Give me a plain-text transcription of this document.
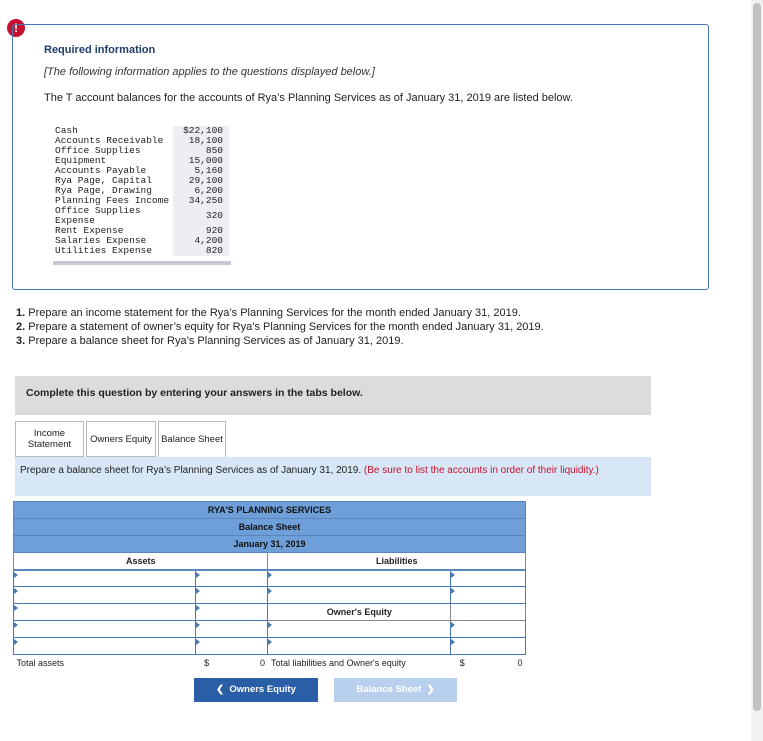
!
Required information
[The following information applies to the questions displayed below.]
The T account balances for the accounts of Rya’s Planning Services as of January 31, 2019 are listed below.
Cash	$22,100
Accounts Receivable	18,100
Office Supplies	850
Equipment	15,000
Accounts Payable	5,160
Rya Page, Capital	29,100
Rya Page, Drawing	6,200
Planning Fees Income	34,250
Office Supplies Expense	320
Rent Expense	920
Salaries Expense	4,200
Utilities Expense	820
1. Prepare an income statement for the Rya’s Planning Services for the month ended January 31, 2019.
2. Prepare a statement of owner’s equity for Rya’s Planning Services for the month ended January 31, 2019.
3. Prepare a balance sheet for Rya’s Planning Services as of January 31, 2019.
Complete this question by entering your answers in the tabs below.
Income Statement	Owners Equity Balance Sheet
Prepare a balance sheet for Rya’s Planning Services as of January 31, 2019. (Be sure to list the accounts in order of their liquidity.)
RYA'S PLANNING SERVICES			
Balance Sheet			
January 31, 2019			
Assets		Liabilities	

		Owner's Equity	

Total assets	$ 0	Total liabilities and Owner's equity	$ 0
❮ Owners Equity	Balance Sheet ❯
